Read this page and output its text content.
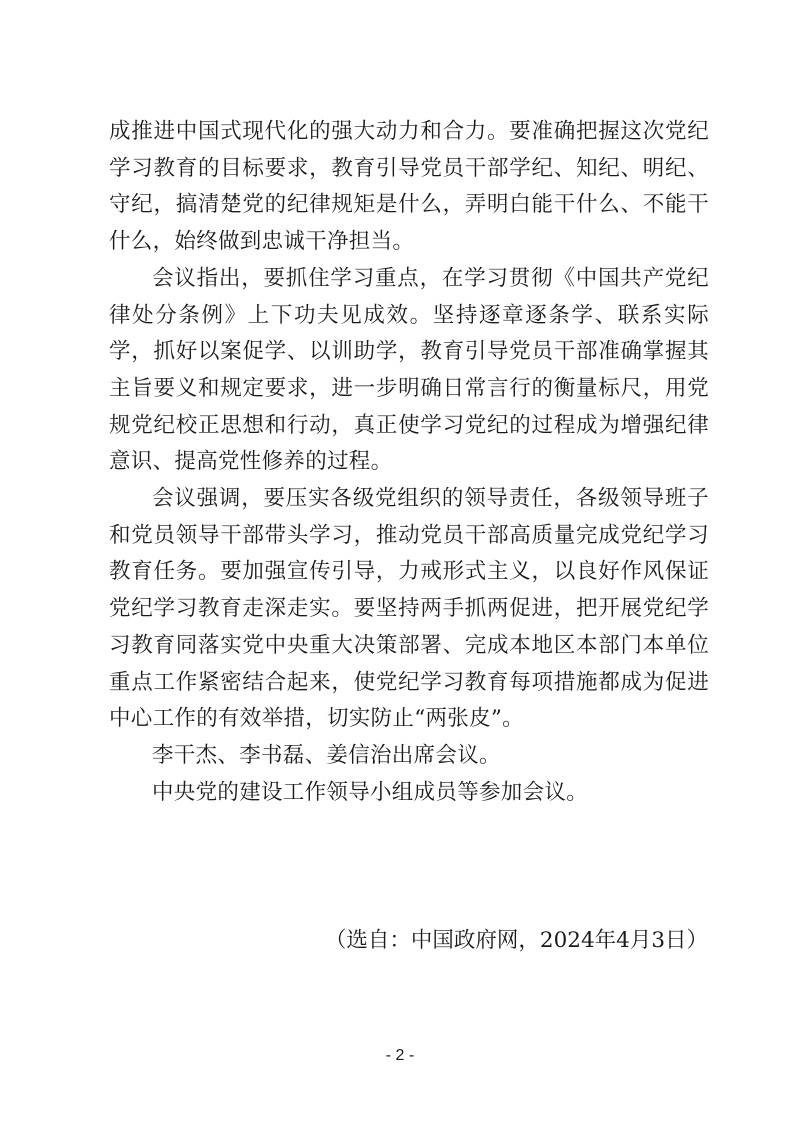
成推进中国式现代化的强大动力和合力。要准确把握这次党纪学习教育的目标要求，教育引导党员干部学纪、知纪、明纪、守纪，搞清楚党的纪律规矩是什么，弄明白能干什么、不能干什么，始终做到忠诚干净担当。

会议指出，要抓住学习重点，在学习贯彻《中国共产党纪律处分条例》上下功夫见成效。坚持逐章逐条学、联系实际学，抓好以案促学、以训助学，教育引导党员干部准确掌握其主旨要义和规定要求，进一步明确日常言行的衡量标尺，用党规党纪校正思想和行动，真正使学习党纪的过程成为增强纪律意识、提高党性修养的过程。

会议强调，要压实各级党组织的领导责任，各级领导班子和党员领导干部带头学习，推动党员干部高质量完成党纪学习教育任务。要加强宣传引导，力戒形式主义，以良好作风保证党纪学习教育走深走实。要坚持两手抓两促进，把开展党纪学习教育同落实党中央重大决策部署、完成本地区本部门本单位重点工作紧密结合起来，使党纪学习教育每项措施都成为促进中心工作的有效举措，切实防止“两张皮”。

李干杰、李书磊、姜信治出席会议。

中央党的建设工作领导小组成员等参加会议。

（选自：中国政府网，2024年4月3日）
- 2 -
